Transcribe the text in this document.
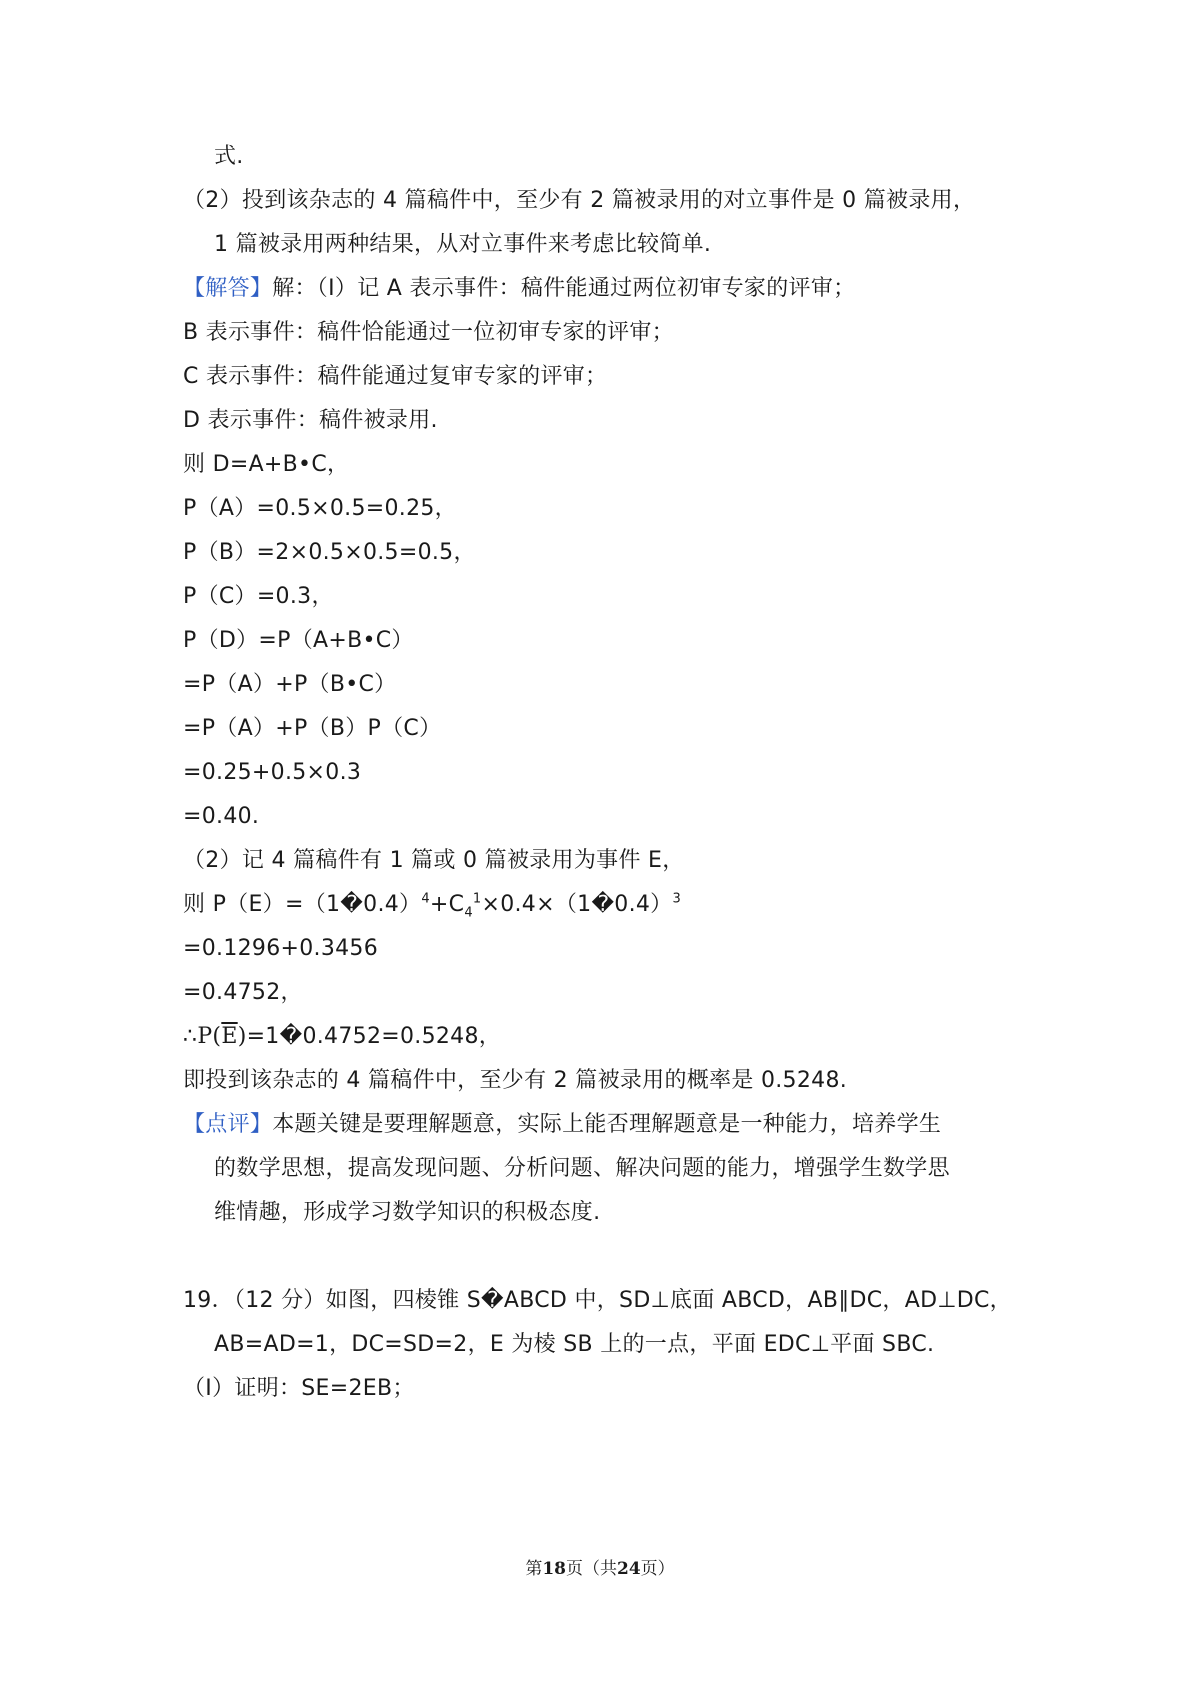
式.
（2）投到该杂志的 4 篇稿件中，至少有 2 篇被录用的对立事件是 0 篇被录用，
1 篇被录用两种结果，从对立事件来考虑比较简单.
【解答】解：（Ⅰ）记 A 表示事件：稿件能通过两位初审专家的评审；
B 表示事件：稿件恰能通过一位初审专家的评审；
C 表示事件：稿件能通过复审专家的评审；
D 表示事件：稿件被录用.
则 D=A+B•C，
P（A）=0.5×0.5=0.25，
P（B）=2×0.5×0.5=0.5，
P（C）=0.3，
P（D）=P（A+B•C）
=P（A）+P（B•C）
=P（A）+P（B）P（C）
=0.25+0.5×0.3
=0.40.
（2）记 4 篇稿件有 1 篇或 0 篇被录用为事件 E，
则 $P(E)=(1�0.4)^4+C_4^1\times 0.4\times(1�0.4)^3$
=0.1296+0.3456
=0.4752，
$\therefore P(\overline{E})=1�0.4752=0.5248$，
即投到该杂志的 4 篇稿件中，至少有 2 篇被录用的概率是 0.5248.
【点评】本题关键是要理解题意，实际上能否理解题意是一种能力，培养学生
的数学思想，提高发现问题、分析问题、解决问题的能力，增强学生数学思
维情趣，形成学习数学知识的积极态度.
19．（12 分）如图，四棱锥 S�ABCD 中，SD⊥底面 ABCD，AB∥DC，AD⊥DC，
AB=AD=1，DC=SD=2，E 为棱 SB 上的一点，平面 EDC⊥平面 SBC.
（Ⅰ）证明：SE=2EB；
第18页（共24页）
